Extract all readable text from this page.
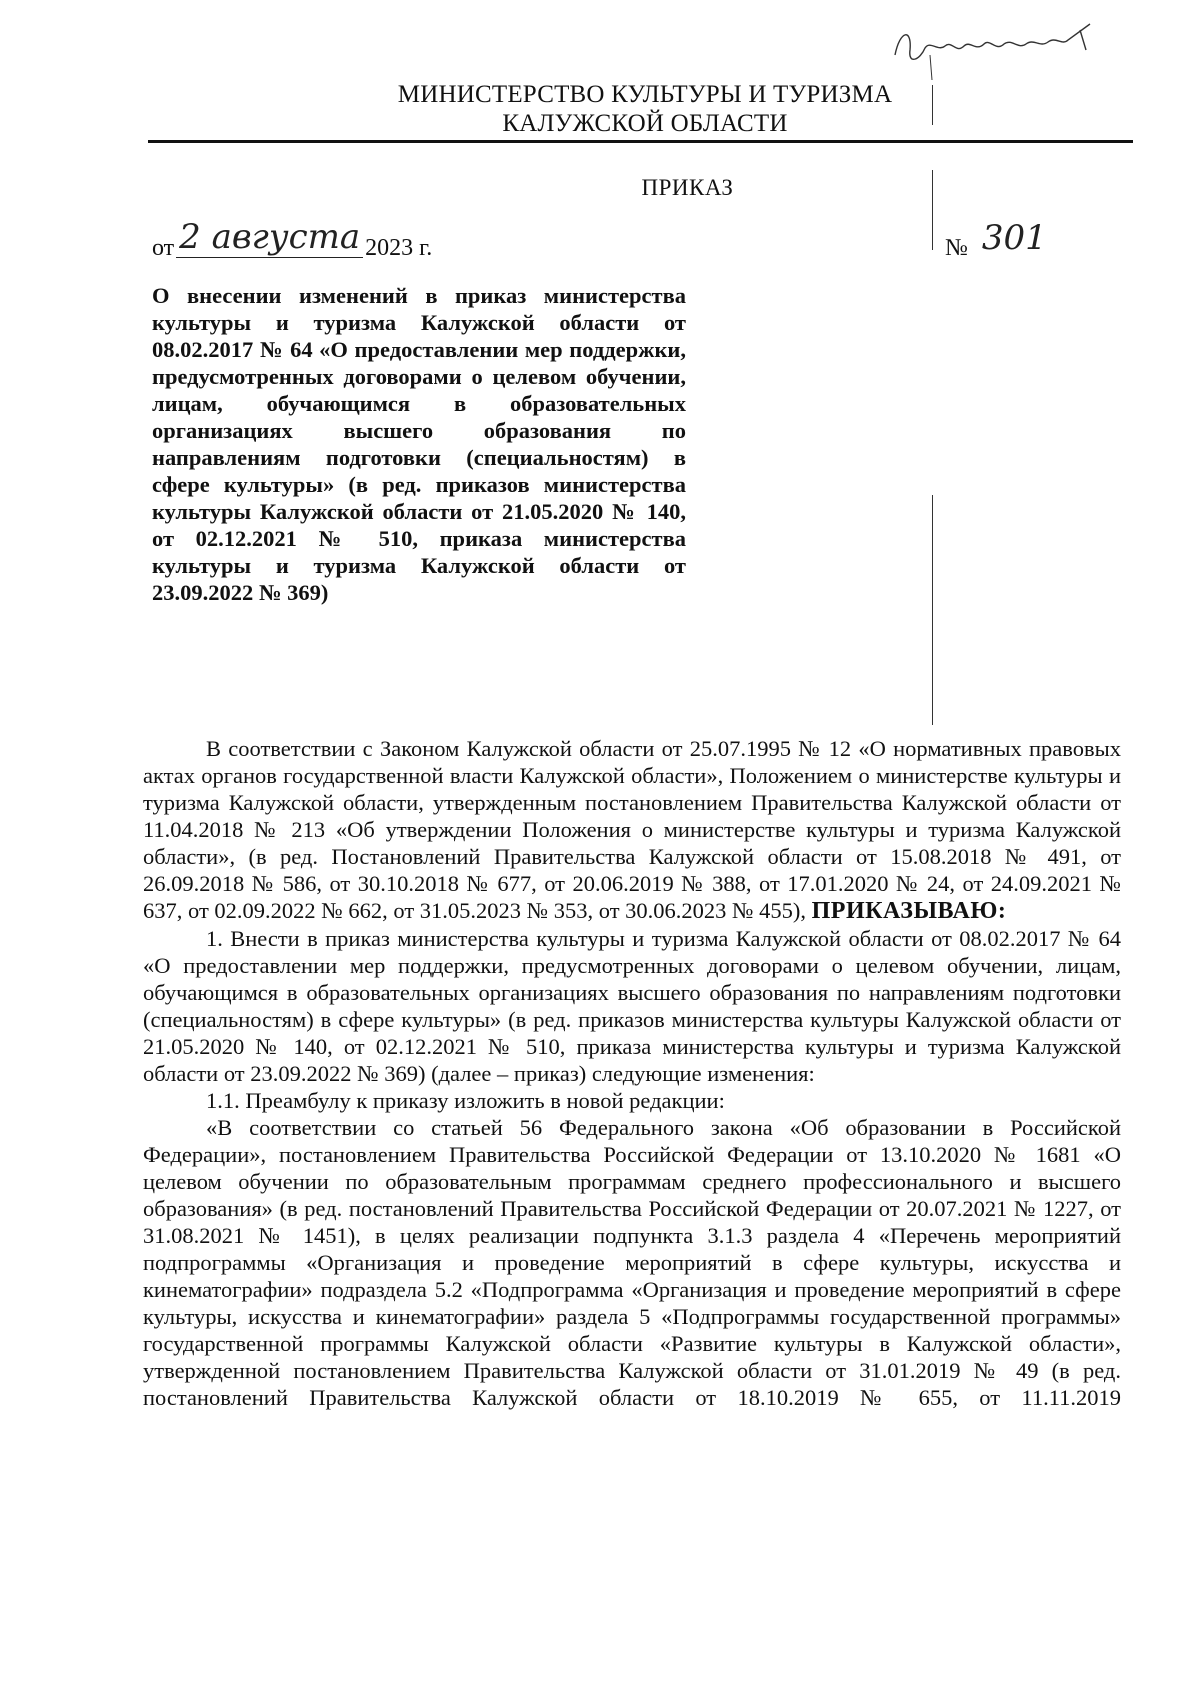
МИНИСТЕРСТВО КУЛЬТУРЫ И ТУРИЗМА
КАЛУЖСКОЙ ОБЛАСТИ
ПРИКАЗ
от 2 августа 2023 г.	№ 301
О внесении изменений в приказ министерства культуры и туризма Калужской области от 08.02.2017 № 64 «О предоставлении мер поддержки, предусмотренных договорами о целевом обучении, лицам, обучающимся в образовательных организациях высшего образования по направлениям подготовки (специальностям) в сфере культуры» (в ред. приказов министерства культуры Калужской области от 21.05.2020 № 140, от 02.12.2021 № 510, приказа министерства культуры и туризма Калужской области от 23.09.2022 № 369)

В соответствии с Законом Калужской области от 25.07.1995 № 12 «О нормативных правовых актах органов государственной власти Калужской области», Положением о министерстве культуры и туризма Калужской области, утвержденным постановлением Правительства Калужской области от 11.04.2018 № 213 «Об утверждении Положения о министерстве культуры и туризма Калужской области», (в ред. Постановлений Правительства Калужской области от 15.08.2018 № 491, от 26.09.2018 № 586, от 30.10.2018 № 677, от 20.06.2019 № 388, от 17.01.2020 № 24, от 24.09.2021 № 637, от 02.09.2022 № 662, от 31.05.2023 № 353, от 30.06.2023 № 455), ПРИКАЗЫВАЮ:

1. Внести в приказ министерства культуры и туризма Калужской области от 08.02.2017 № 64 «О предоставлении мер поддержки, предусмотренных договорами о целевом обучении, лицам, обучающимся в образовательных организациях высшего образования по направлениям подготовки (специальностям) в сфере культуры» (в ред. приказов министерства культуры Калужской области от 21.05.2020 № 140, от 02.12.2021 № 510, приказа министерства культуры и туризма Калужской области от 23.09.2022 № 369) (далее – приказ) следующие изменения:

1.1. Преамбулу к приказу изложить в новой редакции:

«В соответствии со статьей 56 Федерального закона «Об образовании в Российской Федерации», постановлением Правительства Российской Федерации от 13.10.2020 № 1681 «О целевом обучении по образовательным программам среднего профессионального и высшего образования» (в ред. постановлений Правительства Российской Федерации от 20.07.2021 № 1227, от 31.08.2021 № 1451), в целях реализации подпункта 3.1.3 раздела 4 «Перечень мероприятий подпрограммы «Организация и проведение мероприятий в сфере культуры, искусства и кинематографии» подраздела 5.2 «Подпрограмма «Организация и проведение мероприятий в сфере культуры, искусства и кинематографии» раздела 5 «Подпрограммы государственной программы» государственной программы Калужской области «Развитие культуры в Калужской области», утвержденной постановлением Правительства Калужской области от 31.01.2019 № 49 (в ред. постановлений Правительства Калужской области от 18.10.2019 № 655, от 11.11.2019
